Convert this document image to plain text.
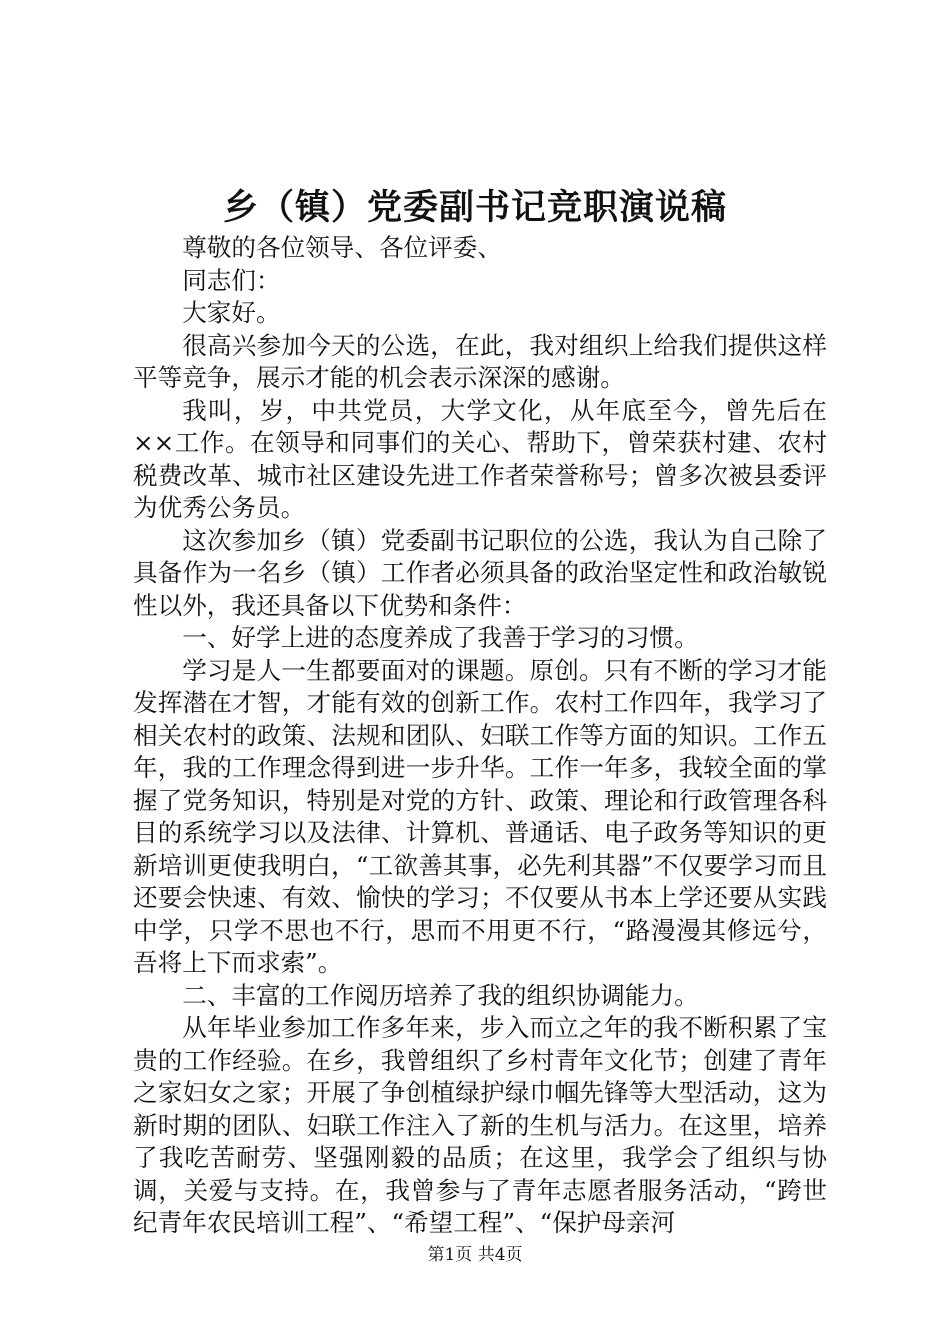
乡（镇）党委副书记竞职演说稿

尊敬的各位领导、各位评委、

同志们：

大家好。

很高兴参加今天的公选，在此，我对组织上给我们提供这样平等竞争，展示才能的机会表示深深的感谢。

我叫，岁，中共党员，大学文化，从年底至今，曾先后在××工作。在领导和同事们的关心、帮助下，曾荣获村建、农村税费改革、城市社区建设先进工作者荣誉称号；曾多次被县委评为优秀公务员。

这次参加乡（镇）党委副书记职位的公选，我认为自己除了具备作为一名乡（镇）工作者必须具备的政治坚定性和政治敏锐性以外，我还具备以下优势和条件：

一、好学上进的态度养成了我善于学习的习惯。

学习是人一生都要面对的课题。原创。只有不断的学习才能发挥潜在才智，才能有效的创新工作。农村工作四年，我学习了相关农村的政策、法规和团队、妇联工作等方面的知识。工作五年，我的工作理念得到进一步升华。工作一年多，我较全面的掌握了党务知识，特别是对党的方针、政策、理论和行政管理各科目的系统学习以及法律、计算机、普通话、电子政务等知识的更新培训更使我明白，“工欲善其事，必先利其器”不仅要学习而且还要会快速、有效、愉快的学习；不仅要从书本上学还要从实践中学，只学不思也不行，思而不用更不行，“路漫漫其修远兮，吾将上下而求索”。

二、丰富的工作阅历培养了我的组织协调能力。

从年毕业参加工作多年来，步入而立之年的我不断积累了宝贵的工作经验。在乡，我曾组织了乡村青年文化节；创建了青年之家妇女之家；开展了争创植绿护绿巾帼先锋等大型活动，这为新时期的团队、妇联工作注入了新的生机与活力。在这里，培养了我吃苦耐劳、坚强刚毅的品质；在这里，我学会了组织与协调，关爱与支持。在，我曾参与了青年志愿者服务活动，“跨世纪青年农民培训工程”、“希望工程”、“保护母亲河

第1页 共4页
